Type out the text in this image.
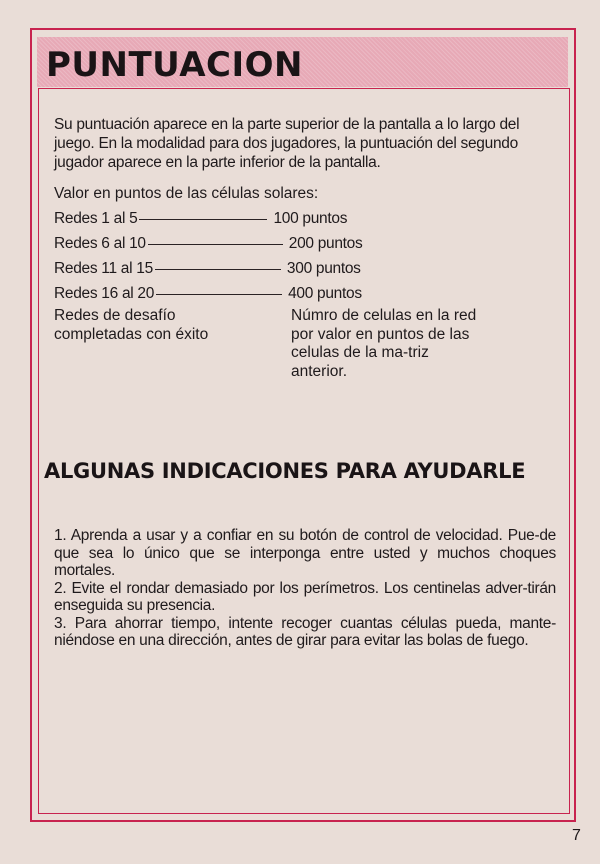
PUNTUACION

Su puntuación aparece en la parte superior de la pantalla a lo largo del juego. En la modalidad para dos jugadores, la puntuación del segundo jugador aparece en la parte inferior de la pantalla.

Valor en puntos de las células solares:

Redes 1 al 5	100 puntos
Redes 6 al 10	200 puntos
Redes 11 al 15	300 puntos
Redes 16 al 20	400 puntos

Redes de desafío completadas con éxito

Númro de celulas en la red por valor en puntos de las celulas de la ma-triz anterior.

ALGUNAS INDICACIONES PARA AYUDARLE
1. Aprenda a usar y a confiar en su botón de control de velocidad. Pue-de que sea lo único que se interponga entre usted y muchos choques mortales.
2. Evite el rondar demasiado por los perímetros. Los centinelas adver-tirán enseguida su presencia.
3. Para ahorrar tiempo, intente recoger cuantas células pueda, mante-niéndose en una dirección, antes de girar para evitar las bolas de fuego.

7
